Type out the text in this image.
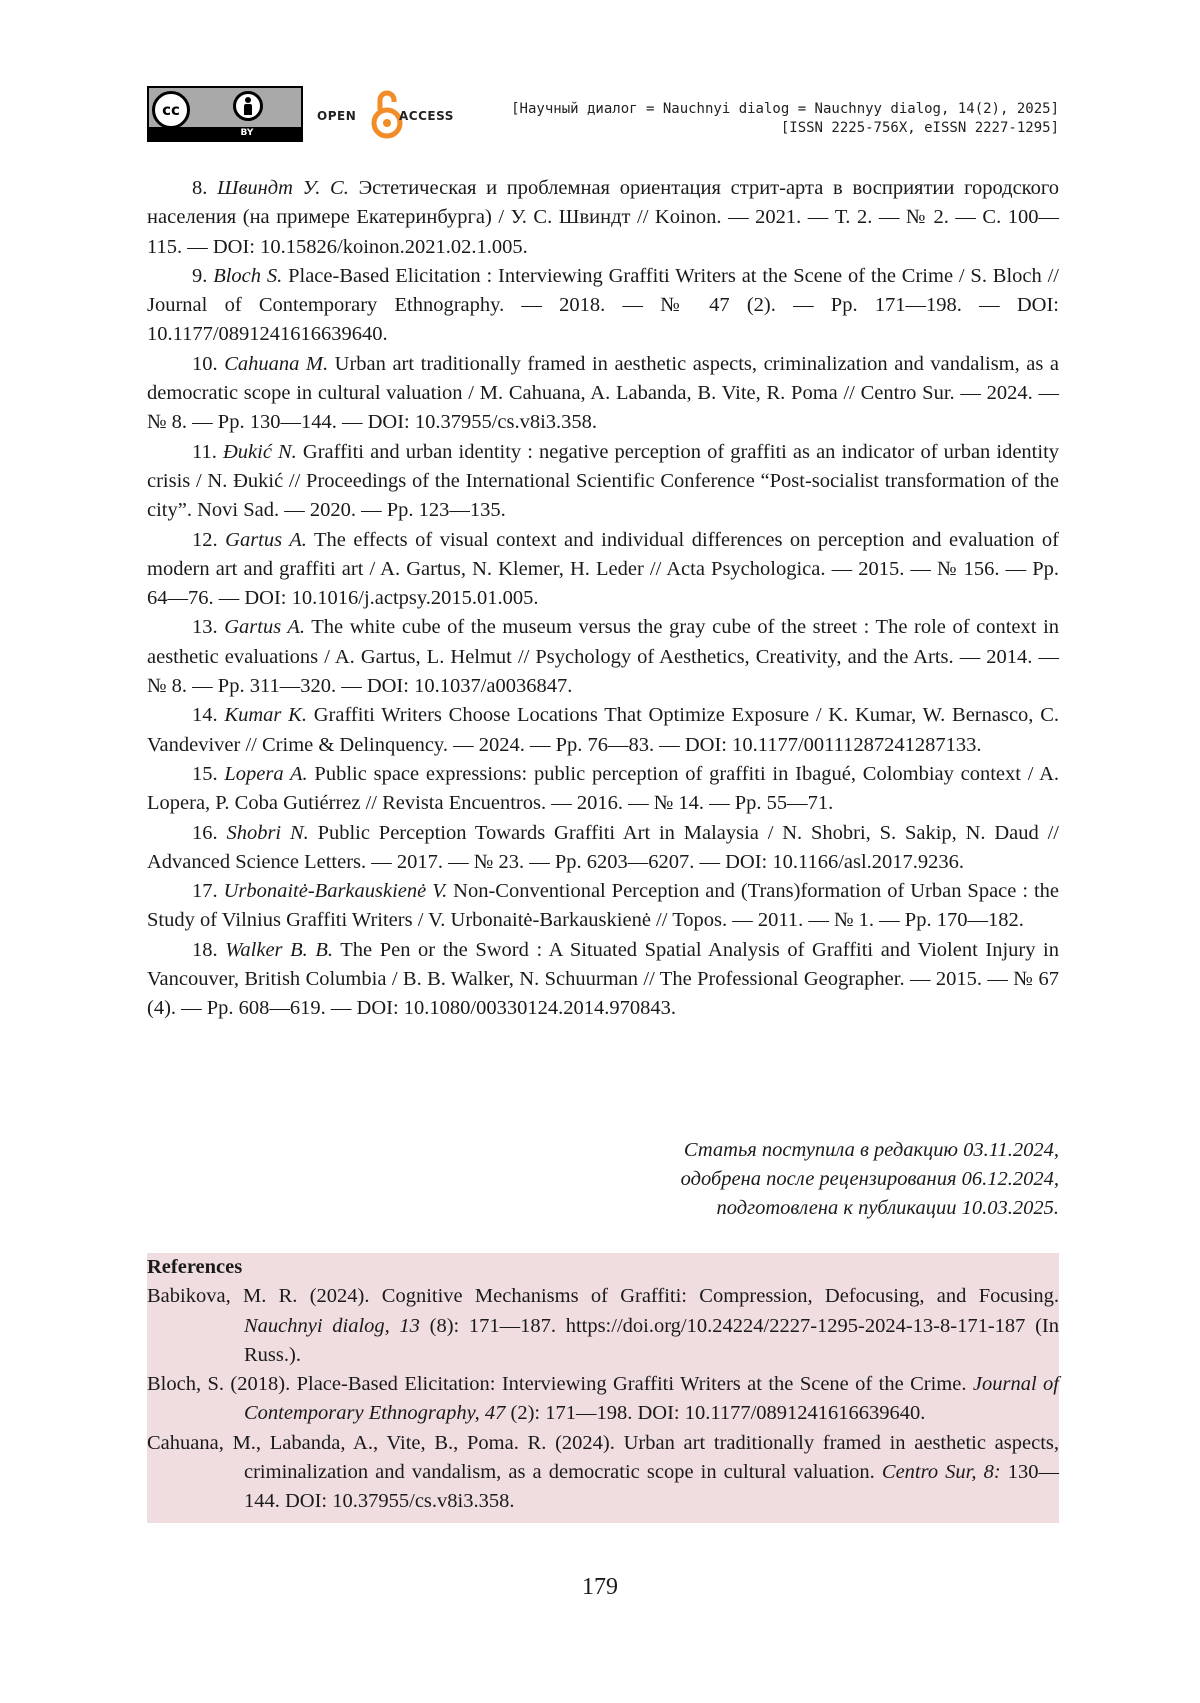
cc
BY
OPEN	ACCESS	[Научный диалог = Nauchnyi dialog = Nauchnyy dialog, 14(2), 2025]
[ISSN 2225-756X, eISSN 2227-1295]

8. Швиндт У. С. Эстетическая и проблемная ориентация стрит-арта в восприятии городского населения (на примере Екатеринбурга) / У. С. Швиндт // Koinon. — 2021. — Т. 2. — № 2. — С. 100—115. — DOI: 10.15826/koinon.2021.02.1.005.

9. Bloch S. Place-Based Elicitation : Interviewing Graffiti Writers at the Scene of the Crime / S. Bloch // Journal of Contemporary Ethnography. — 2018. — № 47 (2). — Pp. 171—198. — DOI: 10.1177/0891241616639640.

10. Cahuana M. Urban art traditionally framed in aesthetic aspects, criminalization and vandalism, as a democratic scope in cultural valuation / M. Cahuana, A. Labanda, B. Vite, R. Poma // Centro Sur. — 2024. — № 8. — Pp. 130—144. — DOI: 10.37955/cs.v8i3.358.

11. Đukić N. Graffiti and urban identity : negative perception of graffiti as an indicator of urban identity crisis / N. Đukić // Proceedings of the International Scientific Conference “Post-socialist transformation of the city”. Novi Sad. — 2020. — Pp. 123—135.

12. Gartus A. The effects of visual context and individual differences on perception and evaluation of modern art and graffiti art / A. Gartus, N. Klemer, H. Leder // Acta Psychologica. — 2015. — № 156. — Pp. 64—76. — DOI: 10.1016/j.actpsy.2015.01.005.

13. Gartus A. The white cube of the museum versus the gray cube of the street : The role of context in aesthetic evaluations / A. Gartus, L. Helmut // Psychology of Aesthetics, Creativity, and the Arts. — 2014. — № 8. — Pp. 311—320. — DOI: 10.1037/a0036847.

14. Kumar K. Graffiti Writers Choose Locations That Optimize Exposure / K. Kumar, W. Bernasco, C. Vandeviver // Crime & Delinquency. — 2024. — Pp. 76—83. — DOI: 10.1177/00111287241287133.

15. Lopera A. Public space expressions: public perception of graffiti in Ibagué, Colombiay context / A. Lopera, P. Coba Gutiérrez // Revista Encuentros. — 2016. — № 14. — Pp. 55—71.

16. Shobri N. Public Perception Towards Graffiti Art in Malaysia / N. Shobri, S. Sakip, N. Daud // Advanced Science Letters. — 2017. — № 23. — Pp. 6203—6207. — DOI: 10.1166/asl.2017.9236.

17. Urbonaitė-Barkauskienė V. Non-Conventional Perception and (Trans)formation of Urban Space : the Study of Vilnius Graffiti Writers / V. Urbonaitė-Barkauskienė // Topos. — 2011. — № 1. — Pp. 170—182.

18. Walker B. B. The Pen or the Sword : A Situated Spatial Analysis of Graffiti and Violent Injury in Vancouver, British Columbia / B. B. Walker, N. Schuurman // The Professional Geographer. — 2015. — № 67 (4). — Pp. 608—619. — DOI: 10.1080/00330124.2014.970843.

Статья поступила в редакцию 03.11.2024,
одобрена после рецензирования 06.12.2024,
подготовлена к публикации 10.03.2025.

References

Babikova, M. R. (2024). Cognitive Mechanisms of Graffiti: Compression, Defocusing, and Focusing. Nauchnyi dialog, 13 (8): 171—187. https://doi.org/10.24224/2227-1295-2024-13-8-171-187 (In Russ.).

Bloch, S. (2018). Place-Based Elicitation: Interviewing Graffiti Writers at the Scene of the Crime. Journal of Contemporary Ethnography, 47 (2): 171—198. DOI: 10.1177/0891241616639640.

Cahuana, M., Labanda, A., Vite, B., Poma. R. (2024). Urban art traditionally framed in aesthetic aspects, criminalization and vandalism, as a democratic scope in cultural valuation. Centro Sur, 8: 130—144. DOI: 10.37955/cs.v8i3.358.

179
